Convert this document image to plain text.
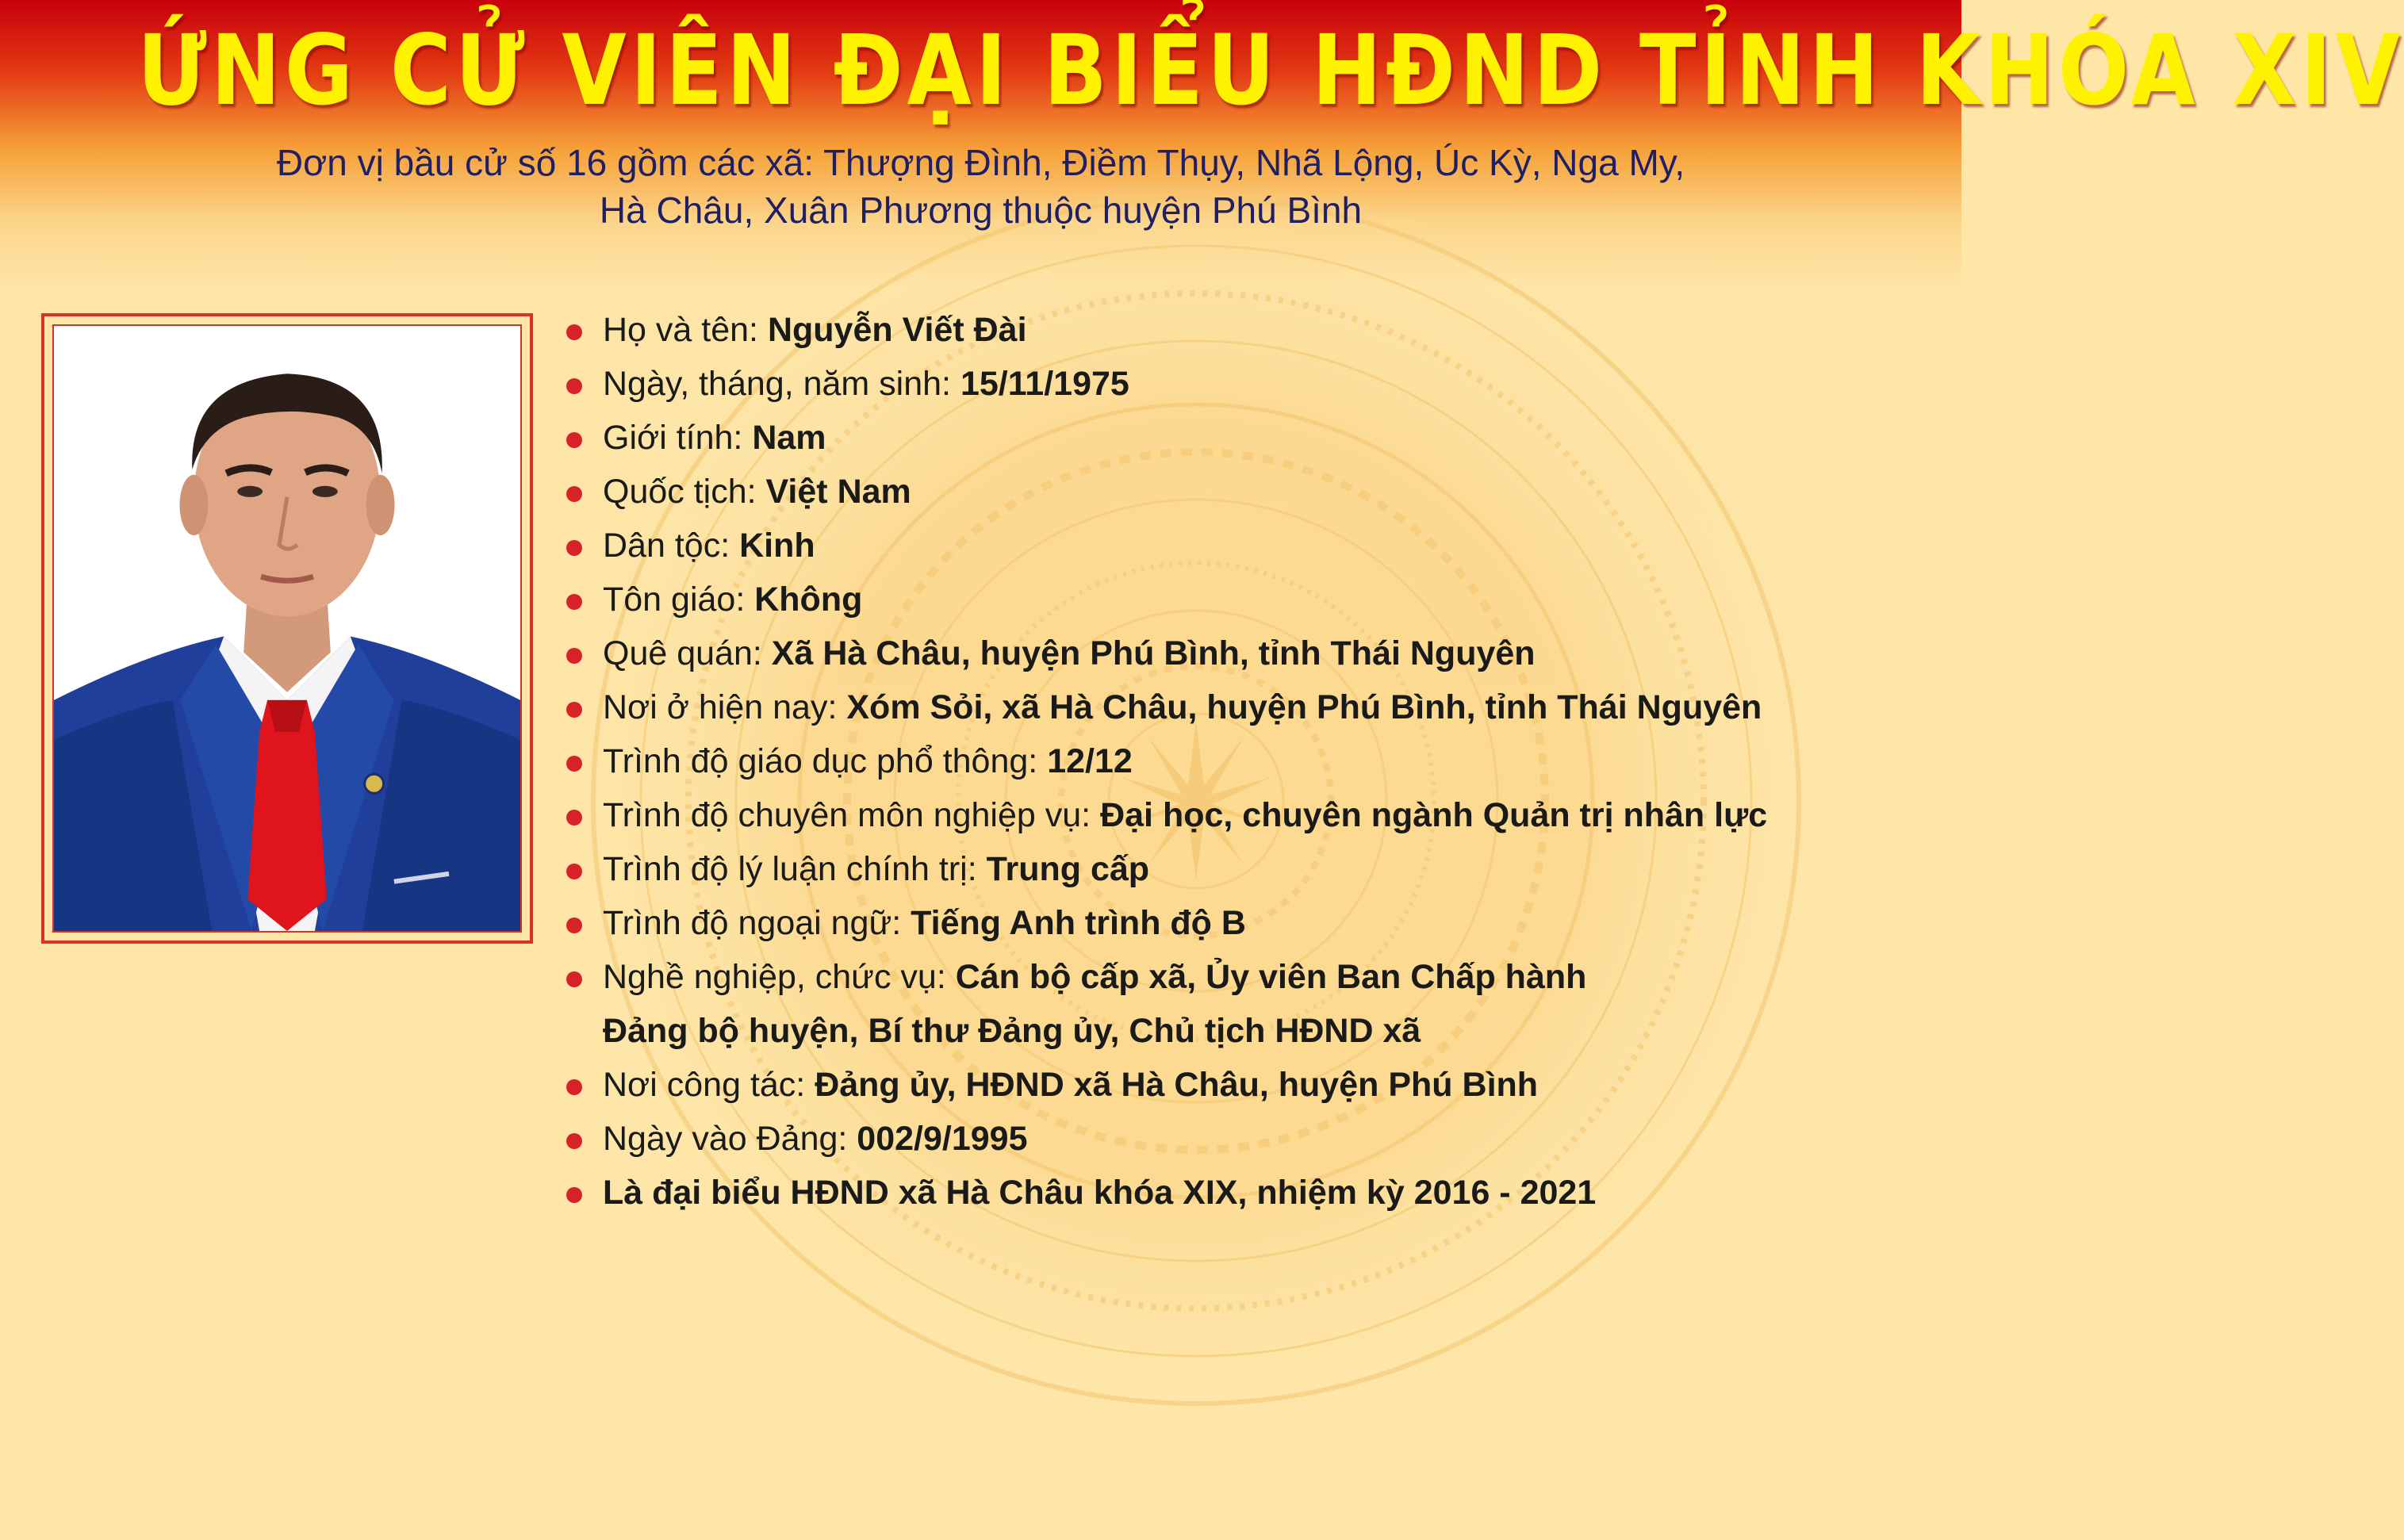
ỨNG CỬ VIÊN ĐẠI BIỂU HĐND TỈNH KHÓA XIV
Đơn vị bầu cử số 16 gồm các xã: Thượng Đình, Điềm Thụy, Nhã Lộng, Úc Kỳ, Nga My,
Hà Châu, Xuân Phương thuộc huyện Phú Bình
Họ và tên: Nguyễn Viết Đài
Ngày, tháng, năm sinh: 15/11/1975
Giới tính: Nam
Quốc tịch: Việt Nam
Dân tộc: Kinh
Tôn giáo: Không
Quê quán: Xã Hà Châu, huyện Phú Bình, tỉnh Thái Nguyên
Nơi ở hiện nay: Xóm Sỏi, xã Hà Châu, huyện Phú Bình, tỉnh Thái Nguyên
Trình độ giáo dục phổ thông: 12/12
Trình độ chuyên môn nghiệp vụ: Đại học, chuyên ngành Quản trị nhân lực
Trình độ lý luận chính trị: Trung cấp
Trình độ ngoại ngữ: Tiếng Anh trình độ B
Nghề nghiệp, chức vụ: Cán bộ cấp xã, Ủy viên Ban Chấp hành
Đảng bộ huyện, Bí thư Đảng ủy, Chủ tịch HĐND xã
Nơi công tác: Đảng ủy, HĐND xã Hà Châu, huyện Phú Bình
Ngày vào Đảng: 002/9/1995
Là đại biểu HĐND xã Hà Châu khóa XIX, nhiệm kỳ 2016 - 2021
